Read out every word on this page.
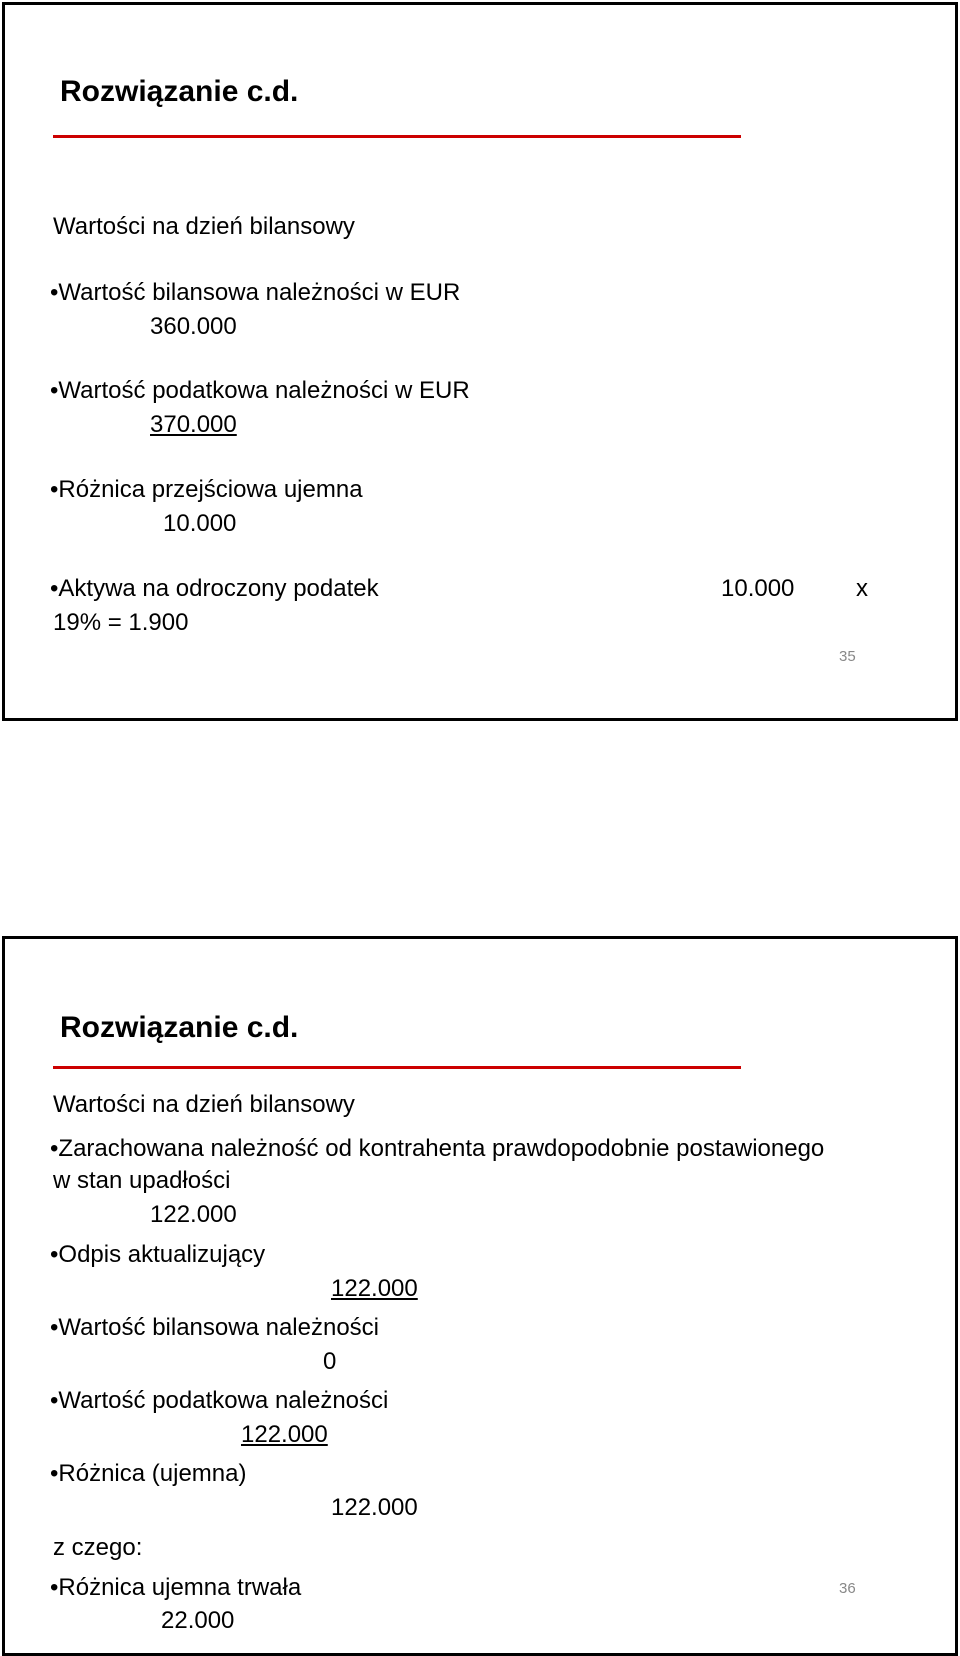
Rozwiązanie c.d.
Wartości na dzień bilansowy
•Wartość bilansowa należności w EUR
360.000
•Wartość podatkowa należności w EUR
370.000
•Różnica przejściowa ujemna
10.000
•Aktywa na odroczony podatek	10.000	x
19% = 1.900
35
Rozwiązanie c.d.
Wartości na dzień bilansowy
•Zarachowana należność od kontrahenta prawdopodobnie postawionego
w stan upadłości
122.000
•Odpis aktualizujący
122.000
•Wartość bilansowa należności
0
•Wartość podatkowa należności
122.000
•Różnica (ujemna)
122.000
z czego:
•Różnica ujemna trwała
22.000
36
